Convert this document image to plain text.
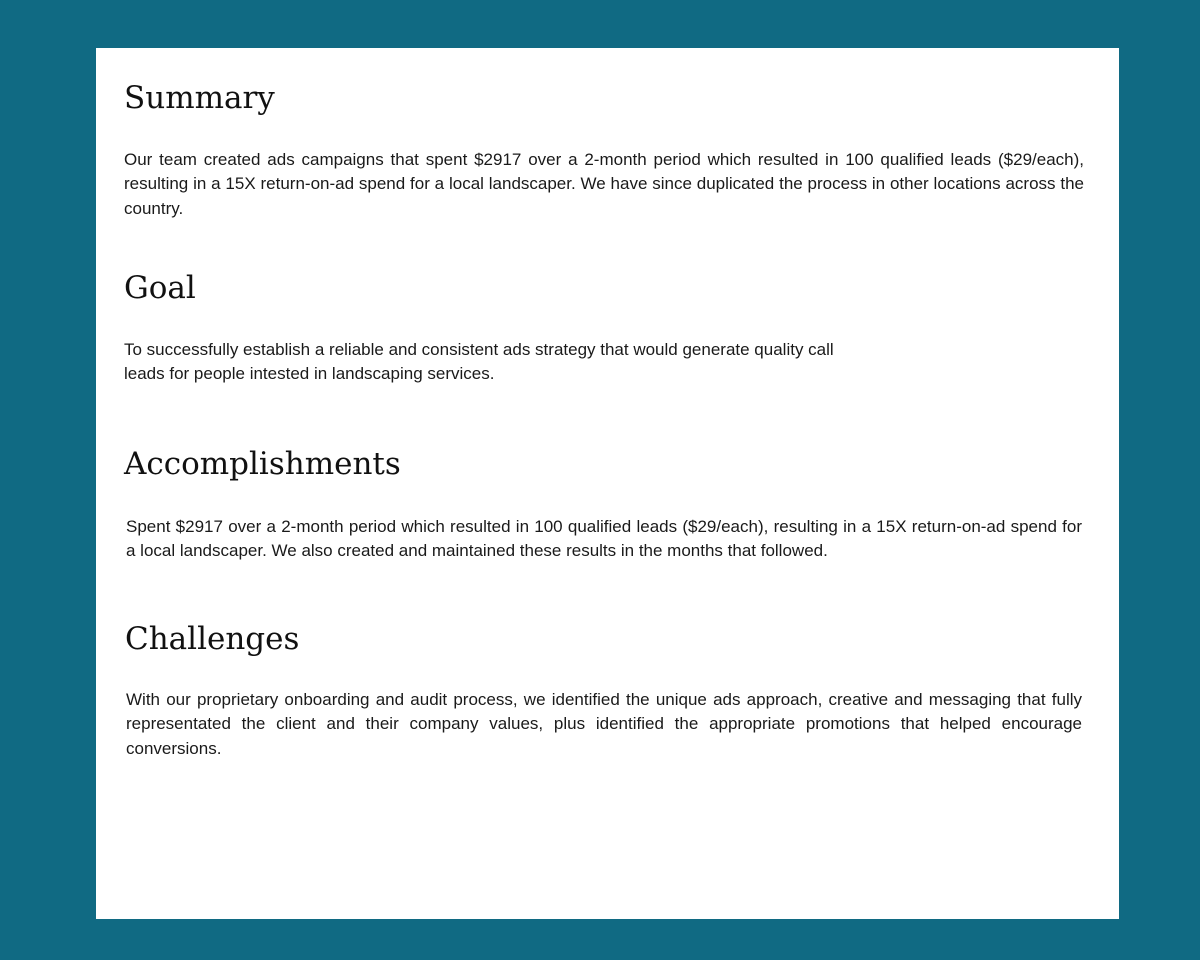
Summary

Our team created ads campaigns that spent $2917 over a 2-month period which resulted in 100 qualified leads ($29/each), resulting in a 15X return-on-ad spend for a local landscaper. We have since duplicated the process in other locations across the country.

Goal
To successfully establish a reliable and consistent ads strategy that would generate quality call
leads for people intested in landscaping services.
Accomplishments

Spent $2917 over a 2-month period which resulted in 100 qualified leads ($29/each), resulting in a 15X return-on-ad spend for a local landscaper. We also created and maintained these results in the months that followed.

Challenges

With our proprietary onboarding and audit process, we identified the unique ads approach, creative and messaging that fully representated the client and their company values, plus identified the appropriate promotions that helped encourage conversions.
